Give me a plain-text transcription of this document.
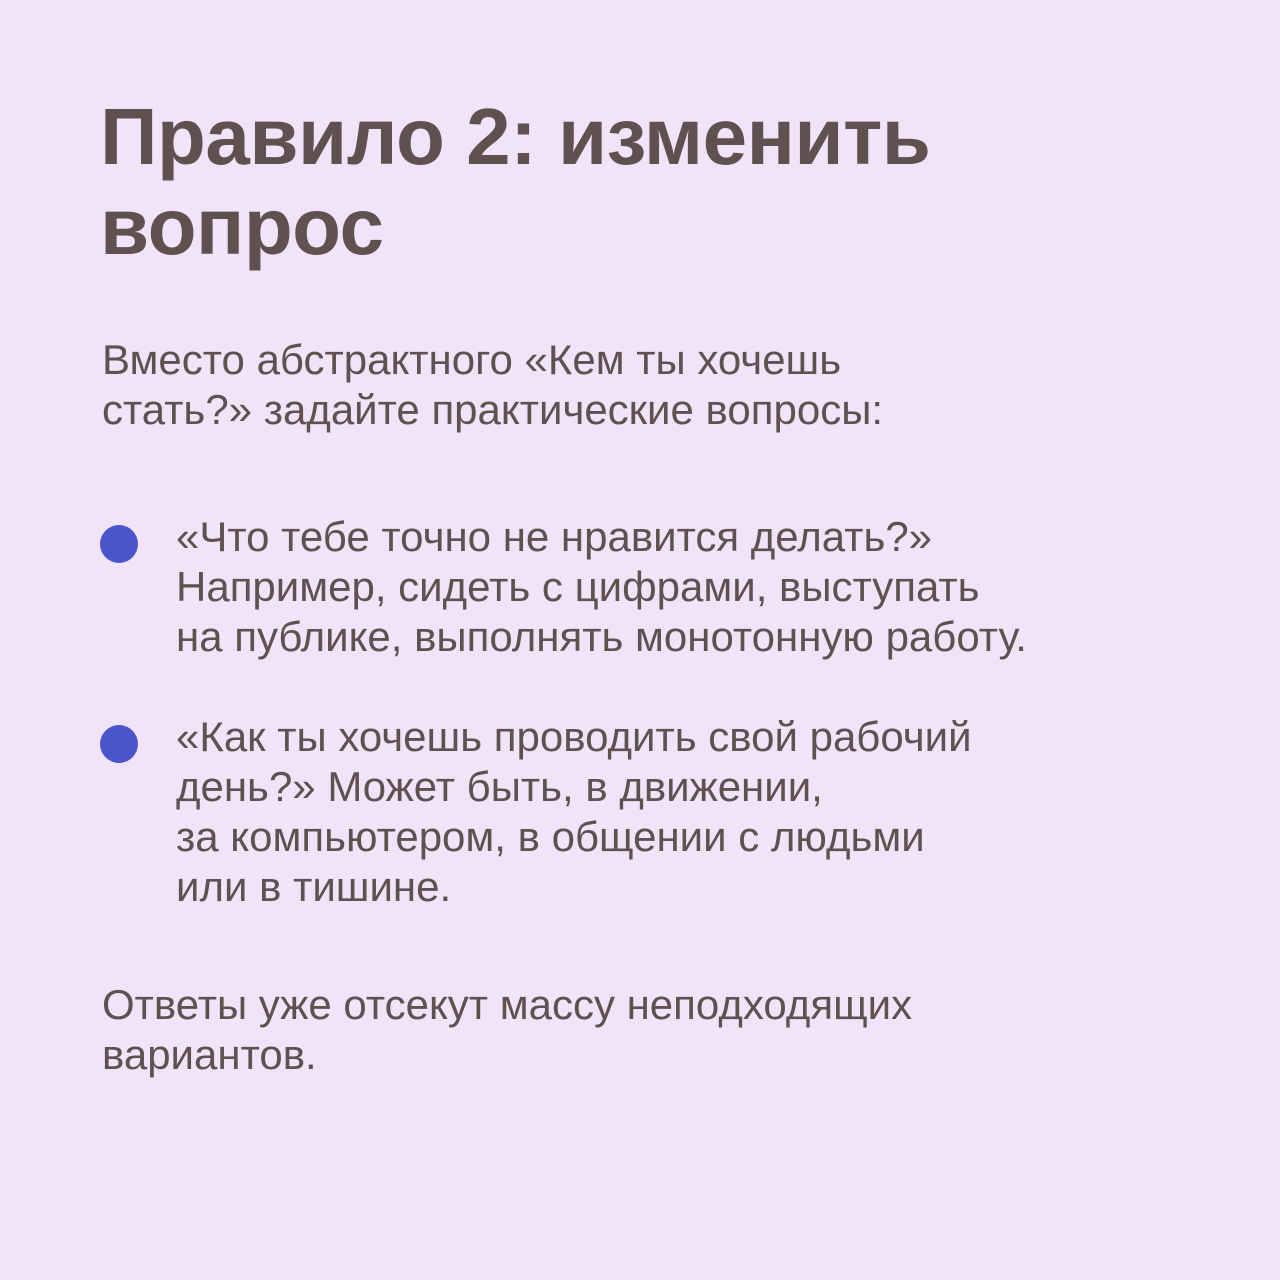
Правило 2: изменить
вопрос

Вместо абстрактного «Кем ты хочешь
стать?» задайте практические вопросы:

«Что тебе точно не нравится делать?»
Например, сидеть с цифрами, выступать
на публике, выполнять монотонную работу.
«Как ты хочешь проводить свой рабочий
день?» Может быть, в движении,
за компьютером, в общении с людьми
или в тишине.

Ответы уже отсекут массу неподходящих
вариантов.
